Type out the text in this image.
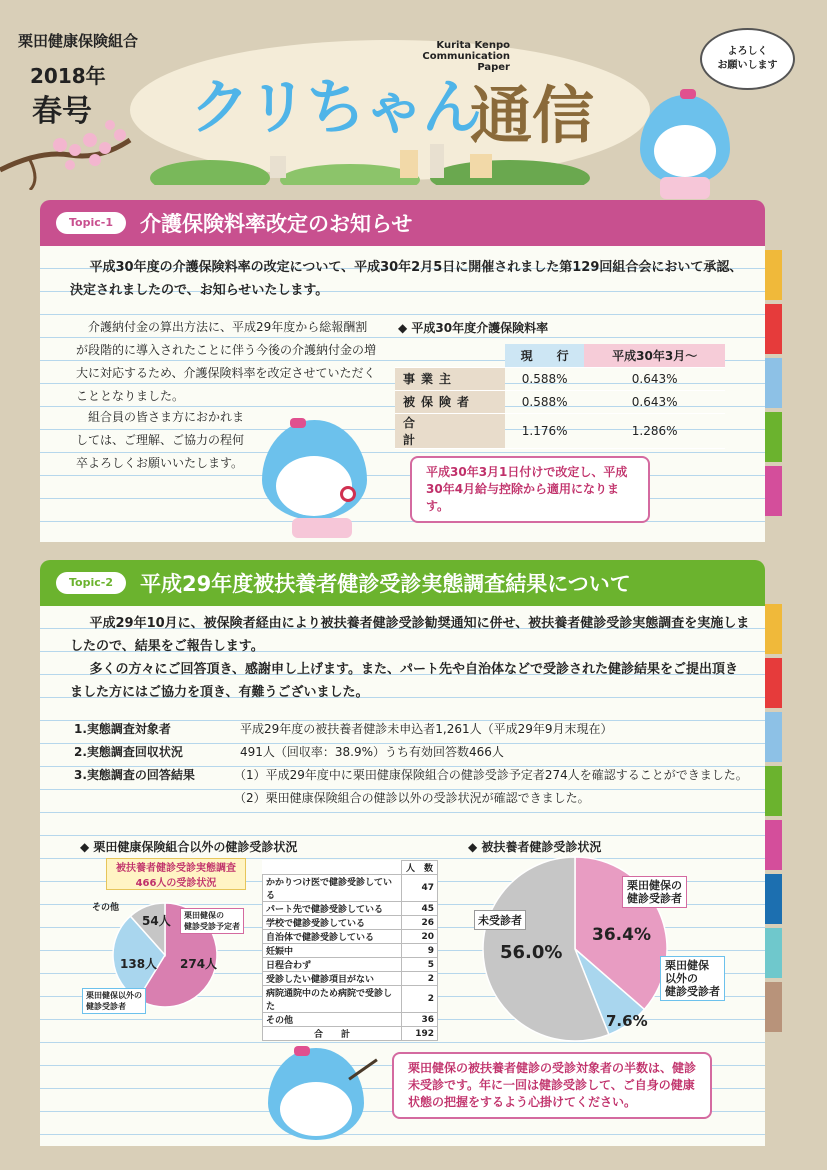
栗田健康保険組合
2018年
春号
Kurita Kenpo
Communication Paper
クリちゃん
通信
よろしく
お願いします
Topic-1	介護保険料率改定のお知らせ
平成30年度の介護保険料率の改定について、平成30年2月5日に開催されました第129回組合会において承認、決定されましたので、お知らせいたします。
介護納付金の算出方法に、平成29年度から総報酬割が段階的に導入されたことに伴う今後の介護納付金の増大に対応するため、介護保険料率を改定させていただくこととなりました。
組合員の皆さま方におかれましては、ご理解、ご協力の程何卒よろしくお願いいたします。
◆ 平成30年度介護保険料率
	現　　行	平成30年3月～
事業主	0.588%	0.643%
被保険者	0.588%	0.643%
合計	1.176%	1.286%
平成30年3月1日付けで改定し、平成30年4月給与控除から適用になります。
Topic-2	平成29年度被扶養者健診受診実態調査結果について
平成29年10月に、被保険者経由により被扶養者健診受診勧奨通知に併せ、被扶養者健診受診実態調査を実施しましたので、結果をご報告します。
多くの方々にご回答頂き、感謝申し上げます。また、パート先や自治体などで受診された健診結果をご提出頂きました方にはご協力を頂き、有難うございました。
1.実態調査対象者	平成29年度の被扶養者健診未申込者1,261人（平成29年9月末現在）
2.実態調査回収状況	491人（回収率：38.9%）うち有効回答数466人
3.実態調査の回答結果	（1）平成29年度中に栗田健康保険組合の健診受診予定者274人を確認することができました。
（2）栗田健康保険組合の健診以外の受診状況が確認できました。
◆ 栗田健康保険組合以外の健診受診状況	◆ 被扶養者健診受診状況
被扶養者健診受診実態調査
466人の受診状況
その他
54人
138人 274人
栗田健保の
健診受診予定者
栗田健保以外の
健診受診者
	人　数
かかりつけ医で健診受診している	47
パート先で健診受診している	45
学校で健診受診している	26
自治体で健診受診している	20
妊娠中	9
日程合わず	5
受診したい健診項目がない	2
病院通院中のため病院で受診した	2
その他	36
合　　計	192
未受診者
56.0%
36.4%
7.6%
栗田健保の
健診受診者
栗田健保
以外の
健診受診者
栗田健保の被扶養者健診の受診対象者の半数は、健診未受診です。年に一回は健診受診して、ご自身の健康状態の把握をするよう心掛けてください。
